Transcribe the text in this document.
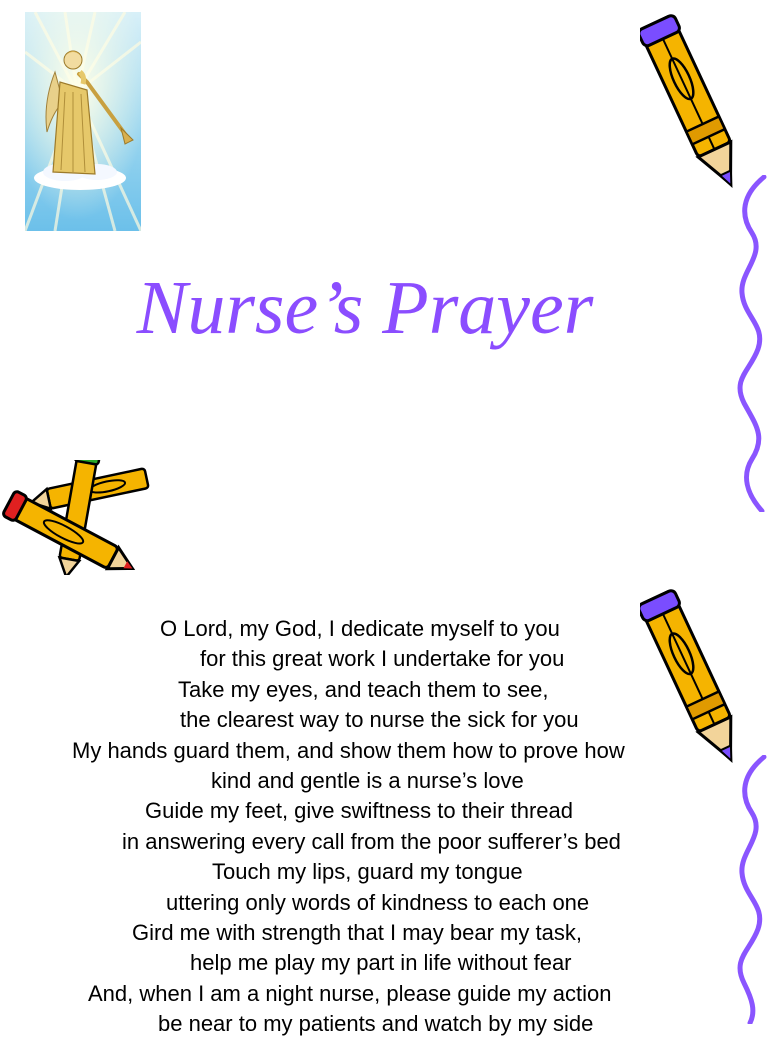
Nurse’s Prayer
O Lord, my God, I dedicate myself to you
for this great work I undertake for you
Take my eyes, and teach them to see,
the clearest way to nurse the sick for you
My hands guard them, and show them how to prove how
kind and gentle is a nurse’s love
Guide my feet, give swiftness to their thread
in answering every call from the poor sufferer’s bed
Touch my lips, guard my tongue
uttering only words of kindness to each one
Gird me with strength that I may bear my task,
help me play my part in life without fear
And, when I am a night nurse, please guide my action
be near to my patients and watch by my side
